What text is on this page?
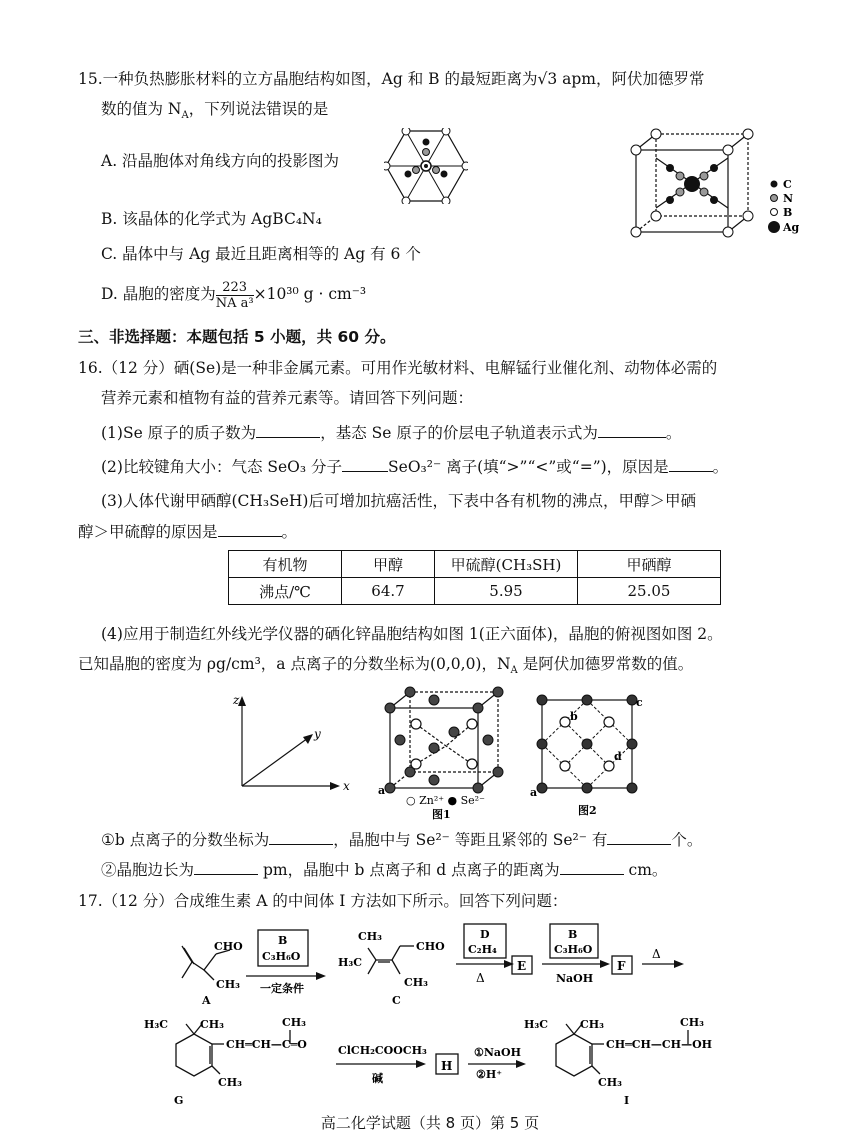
15.一种负热膨胀材料的立方晶胞结构如图，Ag 和 B 的最短距离为√3 apm，阿伏加德罗常
数的值为 $N_A$，下列说法错误的是
A. 沿晶胞体对角线方向的投影图为
C
N
B
Ag
B. 该晶体的化学式为 AgBC₄N₄
C. 晶体中与 Ag 最近且距离相等的 Ag 有 6 个
D. 晶胞的密度为 $\frac{223}{\text{NA a³}} \times 10^{30}$ g · cm⁻³
三、非选择题：本题包括 5 小题，共 60 分。
16.（12 分）硒(Se)是一种非金属元素。可用作光敏材料、电解锰行业催化剂、动物体必需的
营养元素和植物有益的营养元素等。请回答下列问题：
(1)Se 原子的质子数为	，基态 Se 原子的价层电子轨道表示式为	。
(2)比较键角大小：气态 SeO₃ 分子	SeO₃²⁻ 离子(填“>”“<”或“=”)，原因是	。
(3)人体代谢甲硒醇(CH₃SeH)后可增加抗癌活性，下表中各有机物的沸点，甲醇＞甲硒
醇＞甲硫醇的原因是	。
有机物	甲醇	甲硫醇(CH₃SH)	甲硒醇
沸点/℃	64.7	5.95	25.05
(4)应用于制造红外线光学仪器的硒化锌晶胞结构如图 1(正六面体)，晶胞的俯视图如图 2。
已知晶胞的密度为 ρg/cm³，a 点离子的分数坐标为(0,0,0)，$N_A$ 是阿伏加德罗常数的值。
z
y
x	a
○ Zn²⁺ ● Se²⁻
图1
b
c
d
a
图2
①b 点离子的分数坐标为	，晶胞中与 Se²⁻ 等距且紧邻的 Se²⁻ 有	个。
②晶胞边长为	pm，晶胞中 b 点离子和 d 点离子的距离为	cm。
17.（12 分）合成维生素 A 的中间体 I 方法如下所示。回答下列问题：
CHO
CH₃
A
B
C₃H₆O
一定条件
CH₃
H₃C
CHO
CH₃
C
D
C₂H₄
Δ
E
B
C₃H₆O
NaOH
F
Δ
H₃C	CH₃
CH═CH—C═O
CH₃
CH₃
G
ClCH₂COOCH₃
碱
H
①NaOH
②H⁺
H₃C	CH₃
CH═CH—CH—OH
CH₃
CH₃
I
高二化学试题（共 8 页）第 5 页
